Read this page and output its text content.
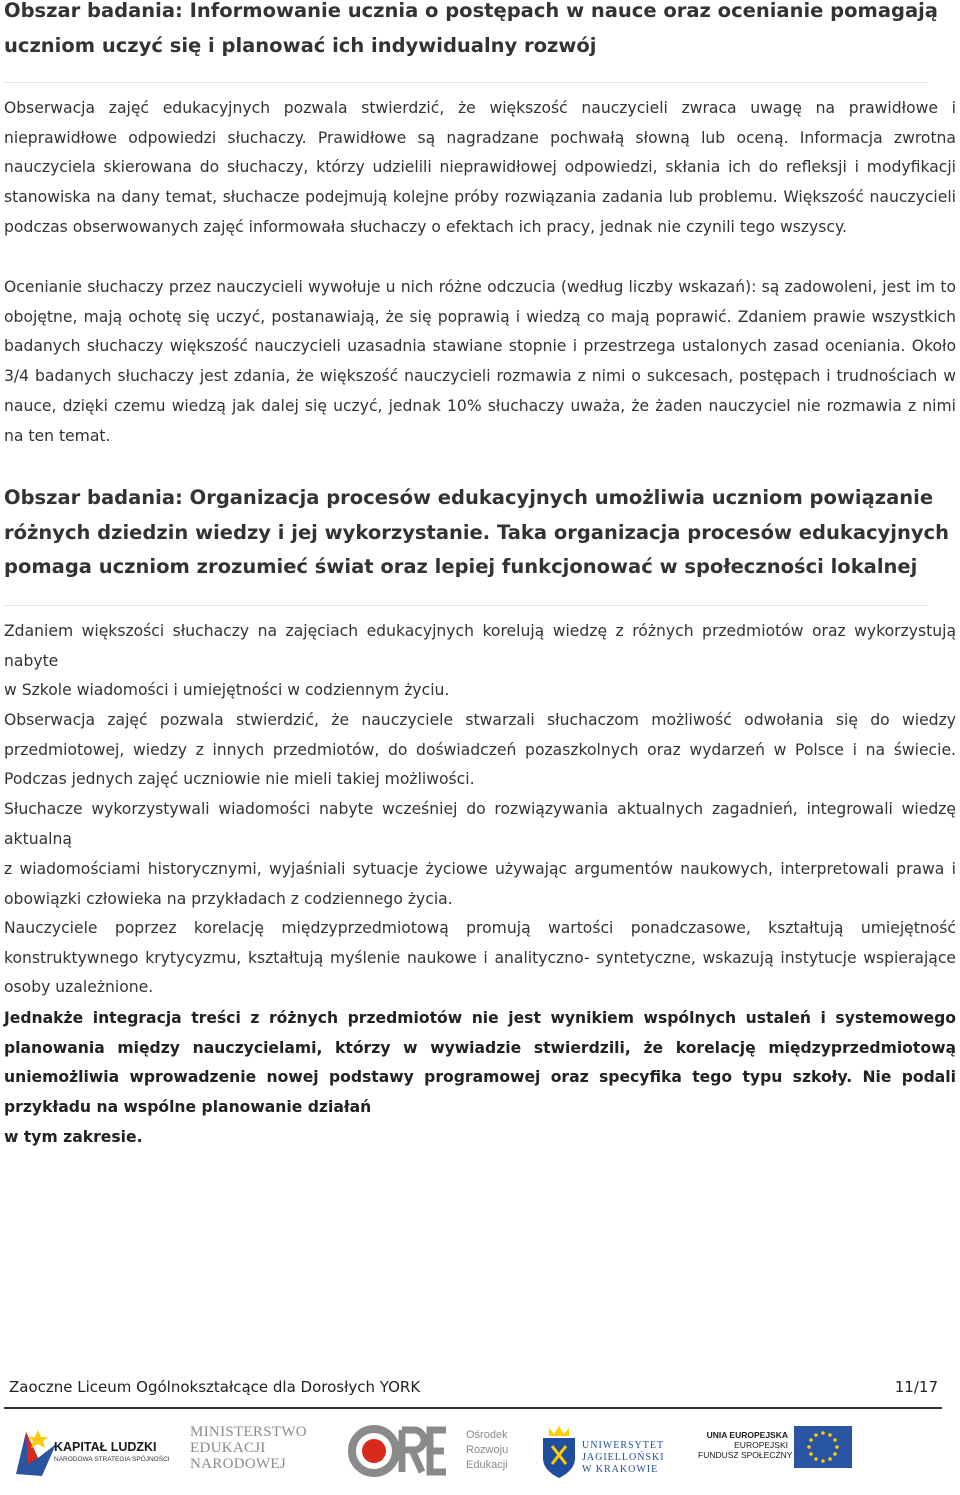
Obszar badania: Informowanie ucznia o postępach w nauce oraz ocenianie pomagają uczniom uczyć się i planować ich indywidualny rozwój

Obserwacja zajęć edukacyjnych pozwala stwierdzić, że większość nauczycieli zwraca uwagę na prawidłowe i nieprawidłowe odpowiedzi słuchaczy. Prawidłowe są nagradzane pochwałą słowną lub oceną. Informacja zwrotna nauczyciela skierowana do słuchaczy, którzy udzielili nieprawidłowej odpowiedzi, skłania ich do refleksji i modyfikacji stanowiska na dany temat, słuchacze podejmują kolejne próby rozwiązania zadania lub problemu. Większość nauczycieli podczas obserwowanych zajęć informowała słuchaczy o efektach ich pracy, jednak nie czynili tego wszyscy.

Ocenianie słuchaczy przez nauczycieli wywołuje u nich różne odczucia (według liczby wskazań): są zadowoleni, jest im to obojętne, mają ochotę się uczyć, postanawiają, że się poprawią i wiedzą co mają poprawić. Zdaniem prawie wszystkich badanych słuchaczy większość nauczycieli uzasadnia stawiane stopnie i przestrzega ustalonych zasad oceniania. Około 3/4 badanych słuchaczy jest zdania, że większość nauczycieli rozmawia z nimi o sukcesach, postępach i trudnościach w nauce, dzięki czemu wiedzą jak dalej się uczyć, jednak 10% słuchaczy uważa, że żaden nauczyciel nie rozmawia z nimi na ten temat.

Obszar badania: Organizacja procesów edukacyjnych umożliwia uczniom powiązanie różnych dziedzin wiedzy i jej wykorzystanie. Taka organizacja procesów edukacyjnych pomaga uczniom zrozumieć świat oraz lepiej funkcjonować w społeczności lokalnej

Zdaniem większości słuchaczy na zajęciach edukacyjnych korelują wiedzę z różnych przedmiotów oraz wykorzystują nabyte

w Szkole wiadomości i umiejętności w codziennym życiu.

Obserwacja zajęć pozwala stwierdzić, że nauczyciele stwarzali słuchaczom możliwość odwołania się do wiedzy przedmiotowej, wiedzy z innych przedmiotów, do doświadczeń pozaszkolnych oraz wydarzeń w Polsce i na świecie. Podczas jednych zajęć uczniowie nie mieli takiej możliwości.

Słuchacze wykorzystywali wiadomości nabyte wcześniej do rozwiązywania aktualnych zagadnień, integrowali wiedzę aktualną

z wiadomościami historycznymi, wyjaśniali sytuacje życiowe używając argumentów naukowych, interpretowali prawa i obowiązki człowieka na przykładach z codziennego życia.

Nauczyciele poprzez korelację międzyprzedmiotową promują wartości ponadczasowe, kształtują umiejętność konstruktywnego krytycyzmu, kształtują myślenie naukowe i analityczno- syntetyczne, wskazują instytucje wspierające osoby uzależnione.

Jednakże integracja treści z różnych przedmiotów nie jest wynikiem wspólnych ustaleń i systemowego planowania między nauczycielami, którzy w wywiadzie stwierdzili, że korelację międzyprzedmiotową uniemożliwia wprowadzenie nowej podstawy programowej oraz specyfika tego typu szkoły. Nie podali przykładu na wspólne planowanie działań

w tym zakresie.

Zaoczne Liceum Ogólnokształcące dla Dorosłych YORK	11/17
KAPITAŁ LUDZKI
NARODOWA STRATEGIA SPÓJNOŚCI
MINISTERSTWO
EDUKACJI
NARODOWEJ
Ośrodek
Rozwoju
Edukacji
UNIWERSYTET
JAGIELLOŃSKI
W KRAKOWIE
UNIA EUROPEJSKA
EUROPEJSKI
FUNDUSZ SPOŁECZNY
